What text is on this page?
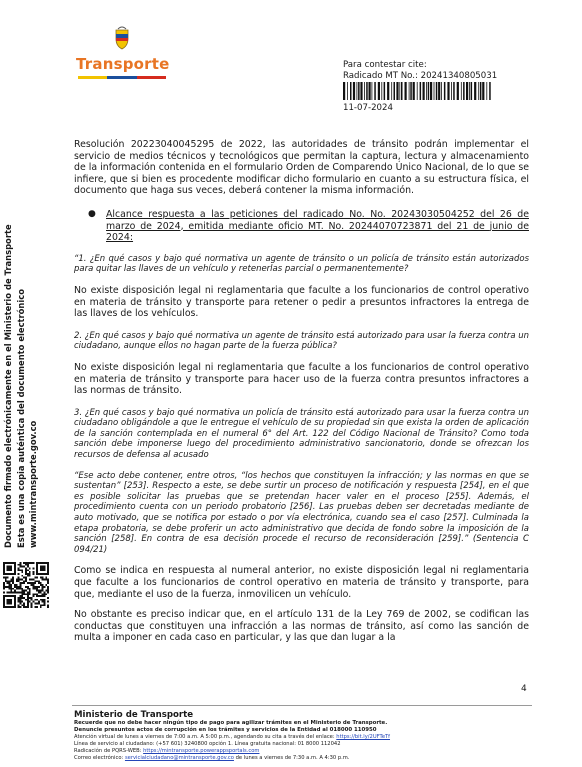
Transporte	Para contestar cite:
Radicado MT No.: 20241340805031
11-07-2024
Documento firmado electrónicamente en el Ministerio de Transporte Esta es una copia auténtica del documento electrónico www.mintransporte.gov.co

Resolución 20223040045295 de 2022, las autoridades de tránsito podrán implementar el servicio de medios técnicos y tecnológicos que permitan la captura, lectura y almacenamiento de la información contenida en el formulario Orden de Comparendo Único Nacional, de lo que se infiere, que si bien es procedente modificar dicho formulario en cuanto a su estructura física, el documento que haga sus veces, deberá contener la misma información.

●	Alcance respuesta a las peticiones del radicado No. No. 20243030504252 del 26 de marzo de 2024, emitida mediante oficio MT. No. 20244070723871 del 21 de junio de 2024:

“1. ¿En qué casos y bajo qué normativa un agente de tránsito o un policía de tránsito están autorizados para quitar las llaves de un vehículo y retenerlas parcial o permanentemente?

No existe disposición legal ni reglamentaria que faculte a los funcionarios de control operativo en materia de tránsito y transporte para retener o pedir a presuntos infractores la entrega de las llaves de los vehículos.

2. ¿En qué casos y bajo qué normativa un agente de tránsito está autorizado para usar la fuerza contra un ciudadano, aunque ellos no hagan parte de la fuerza pública?

No existe disposición legal ni reglamentaria que faculte a los funcionarios de control operativo en materia de tránsito y transporte para hacer uso de la fuerza contra presuntos infractores a las normas de tránsito.

3. ¿En qué casos y bajo qué normativa un policía de tránsito está autorizado para usar la fuerza contra un ciudadano obligándole a que le entregue el vehículo de su propiedad sin que exista la orden de aplicación de la sanción contemplada en el numeral 6° del Art. 122 del Código Nacional de Tránsito? Como toda sanción debe imponerse luego del procedimiento administrativo sancionatorio, donde se ofrezcan los recursos de defensa al acusado

“Ese acto debe contener, entre otros, “los hechos que constituyen la infracción; y las normas en que se sustentan” [253]. Respecto a este, se debe surtir un proceso de notificación y respuesta [254], en el que es posible solicitar las pruebas que se pretendan hacer valer en el proceso [255]. Además, el procedimiento cuenta con un periodo probatorio [256]. Las pruebas deben ser decretadas mediante de auto motivado, que se notifica por estado o por vía electrónica, cuando sea el caso [257]. Culminada la etapa probatoria, se debe proferir un acto administrativo que decida de fondo sobre la imposición de la sanción [258]. En contra de esa decisión procede el recurso de reconsideración [259].” (Sentencia C 094/21)

Como se indica en respuesta al numeral anterior, no existe disposición legal ni reglamentaria que faculte a los funcionarios de control operativo en materia de tránsito y transporte, para que, mediante el uso de la fuerza, inmovilicen un vehículo.

No obstante es preciso indicar que, en el artículo 131 de la Ley 769 de 2002, se codifican las conductas que constituyen una infracción a las normas de tránsito, así como las sanción de multa a imponer en cada caso en particular, y las que dan lugar a la

4
Ministerio de Transporte
Recuerde que no debe hacer ningún tipo de pago para agilizar trámites en el Ministerio de Transporte.
Denuncie presuntos actos de corrupción en los trámites y servicios de la Entidad al 018000 110950
Atención virtual de lunes a viernes de 7:00 a.m. A 5:00 p.m., agendando su cita a través del enlace: https://bit.ly/2UFTeTf
Línea de servicio al ciudadano: (+57 601) 3240800 opción 1. Línea gratuita nacional: 01 8000 112042
Radicación de PQRS-WEB: https://mintransporte.powerappsportals.com
Correo electrónico: servicialciudadano@mintransporte.gov.co de lunes a viernes de 7:30 a.m. A 4:30 p.m.
